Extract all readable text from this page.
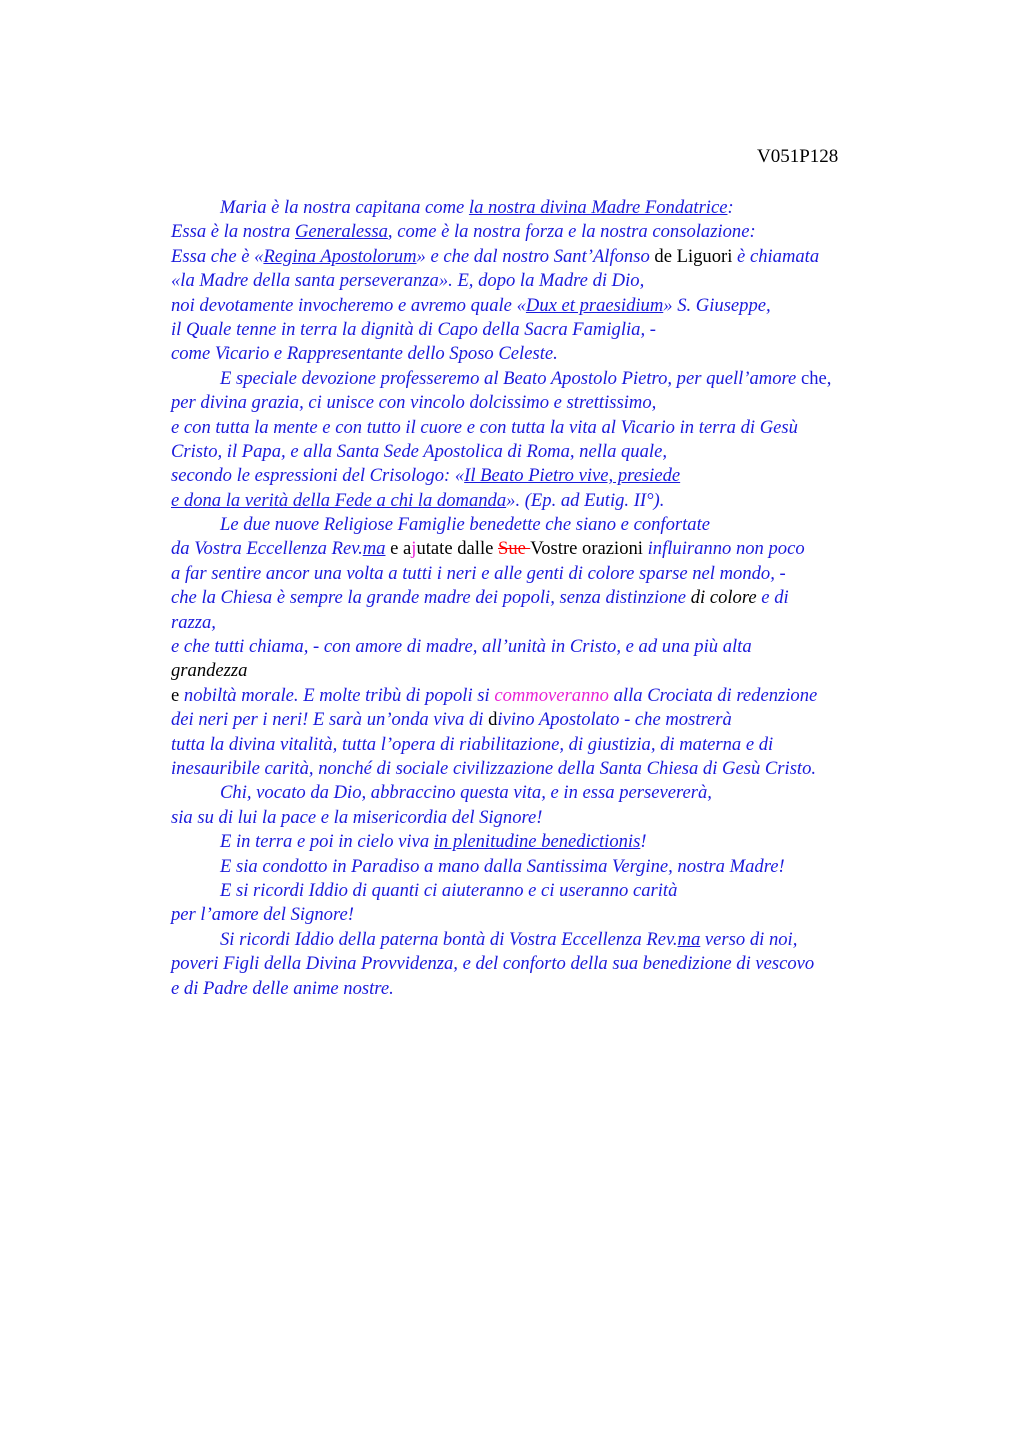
V051P128
Maria è la nostra capitana come la nostra divina Madre Fondatrice:
Essa è la nostra Generalessa, come è la nostra forza e la nostra consolazione:
Essa che è «Regina Apostolorum» e che dal nostro Sant’Alfonso de Liguori è chiamata
«la Madre della santa perseveranza». E, dopo la Madre di Dio,
noi devotamente invocheremo e avremo quale «Dux et praesidium» S. Giuseppe,
il Quale tenne in terra la dignità di Capo della Sacra Famiglia, -
come Vicario e Rappresentante dello Sposo Celeste.
E speciale devozione professeremo al Beato Apostolo Pietro, per quell’amore che,
per divina grazia, ci unisce con vincolo dolcissimo e strettissimo,
e con tutta la mente e con tutto il cuore e con tutta la vita al Vicario in terra di Gesù
Cristo, il Papa, e alla Santa Sede Apostolica di Roma, nella quale,
secondo le espressioni del Crisologo: «Il Beato Pietro vive, presiede
e dona la verità della Fede a chi la domanda». (Ep. ad Eutig. II°).
Le due nuove Religiose Famiglie benedette che siano e confortate
da Vostra Eccellenza Rev.ma e ajutate dalle Sue Vostre orazioni influiranno non poco
a far sentire ancor una volta a tutti i neri e alle genti di colore sparse nel mondo, -
che la Chiesa è sempre la grande madre dei popoli, senza distinzione di colore e di
razza,
e che tutti chiama, - con amore di madre, all’unità in Cristo, e ad una più alta
grandezza
e nobiltà morale. E molte tribù di popoli si commoveranno alla Crociata di redenzione
dei neri per i neri! E sarà un’onda viva di divino Apostolato - che mostrerà
tutta la divina vitalità, tutta l’opera di riabilitazione, di giustizia, di materna e di
inesauribile carità, nonché di sociale civilizzazione della Santa Chiesa di Gesù Cristo.
Chi, vocato da Dio, abbraccino questa vita, e in essa persevererà,
sia su di lui la pace e la misericordia del Signore!
E in terra e poi in cielo viva in plenitudine benedictionis!
E sia condotto in Paradiso a mano dalla Santissima Vergine, nostra Madre!
E si ricordi Iddio di quanti ci aiuteranno e ci useranno carità
per l’amore del Signore!
Si ricordi Iddio della paterna bontà di Vostra Eccellenza Rev.ma verso di noi,
poveri Figli della Divina Provvidenza, e del conforto della sua benedizione di vescovo
e di Padre delle anime nostre.
